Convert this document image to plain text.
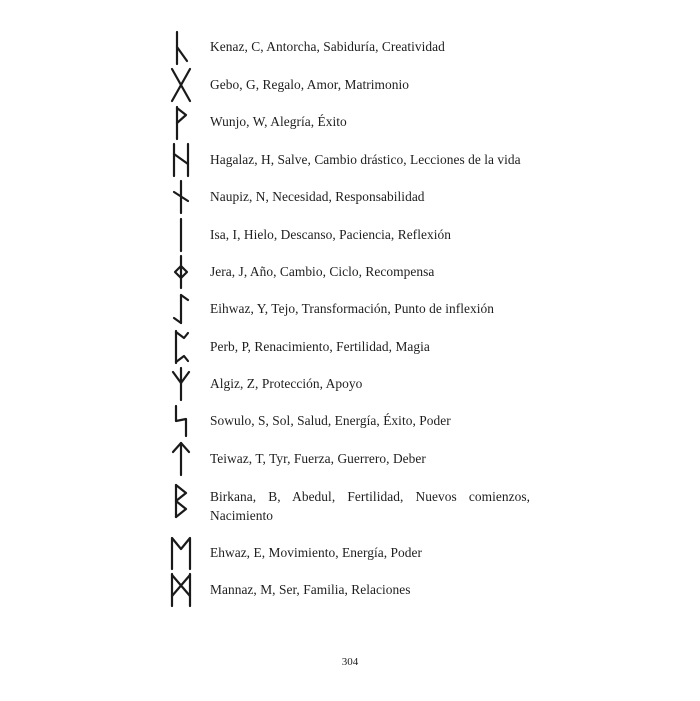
Kenaz, C, Antorcha, Sabiduría, Creatividad
Gebo, G, Regalo, Amor, Matrimonio
Wunjo, W, Alegría, Éxito
Hagalaz, H, Salve, Cambio drástico, Lecciones de la vida
Naupiz, N, Necesidad, Responsabilidad
Isa, I, Hielo, Descanso, Paciencia, Reflexión
Jera, J, Año, Cambio, Ciclo, Recompensa
Eihwaz, Y, Tejo, Transformación, Punto de inflexión
Perb, P, Renacimiento, Fertilidad, Magia
Algiz, Z, Protección, Apoyo
Sowulo, S, Sol, Salud, Energía, Éxito, Poder
Teiwaz, T, Tyr, Fuerza, Guerrero, Deber
Birkana, B, Abedul, Fertilidad, Nuevos comienzos, Nacimiento
Ehwaz, E, Movimiento, Energía, Poder
Mannaz, M, Ser, Familia, Relaciones
304
